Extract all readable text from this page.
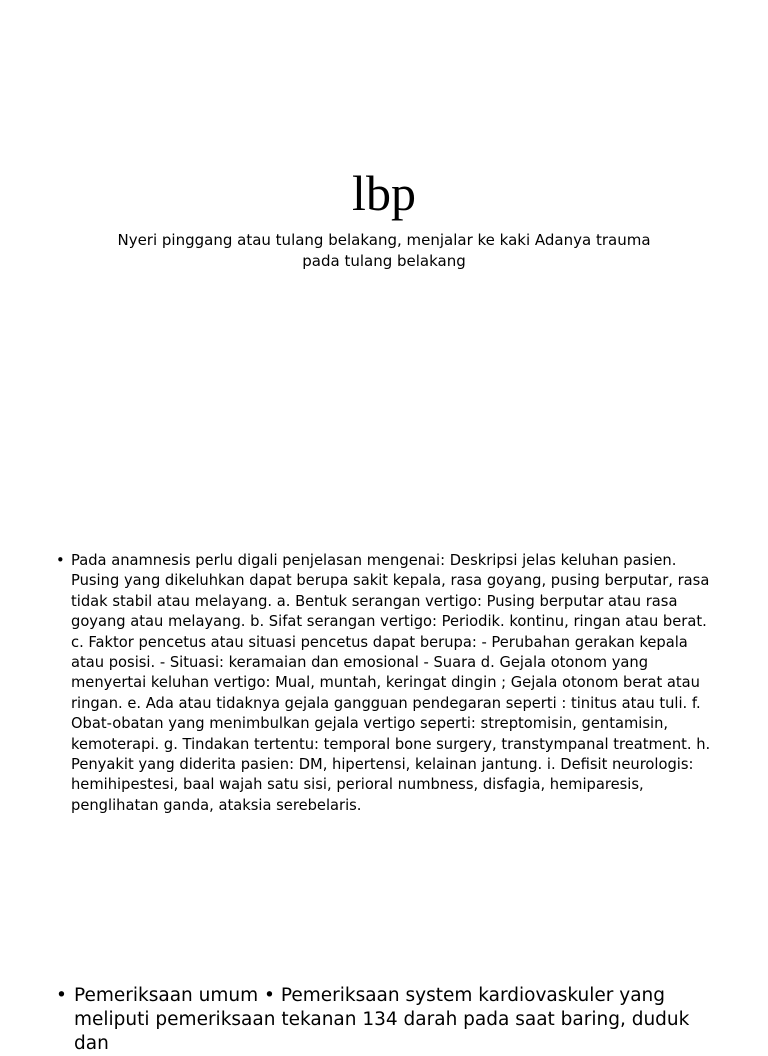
lbp
Nyeri pinggang atau tulang belakang, menjalar ke kaki Adanya trauma pada tulang belakang
• Pada anamnesis perlu digali penjelasan mengenai: Deskripsi jelas keluhan pasien. Pusing yang dikeluhkan dapat berupa sakit kepala, rasa goyang, pusing berputar, rasa tidak stabil atau melayang. a. Bentuk serangan vertigo: Pusing berputar atau rasa goyang atau melayang. b. Sifat serangan vertigo: Periodik. kontinu, ringan atau berat. c. Faktor pencetus atau situasi pencetus dapat berupa: - Perubahan gerakan kepala atau posisi. - Situasi: keramaian dan emosional - Suara d. Gejala otonom yang menyertai keluhan vertigo: Mual, muntah, keringat dingin ; Gejala otonom berat atau ringan. e. Ada atau tidaknya gejala gangguan pendegaran seperti : tinitus atau tuli. f. Obat-obatan yang menimbulkan gejala vertigo seperti: streptomisin, gentamisin, kemoterapi. g. Tindakan tertentu: temporal bone surgery, transtympanal treatment. h. Penyakit yang diderita pasien: DM, hipertensi, kelainan jantung. i. Defisit neurologis: hemihipestesi, baal wajah satu sisi, perioral numbness, disfagia, hemiparesis, penglihatan ganda, ataksia serebelaris.
• Pemeriksaan umum • Pemeriksaan system kardiovaskuler yang meliputi pemeriksaan tekanan 134 darah pada saat baring, duduk dan
